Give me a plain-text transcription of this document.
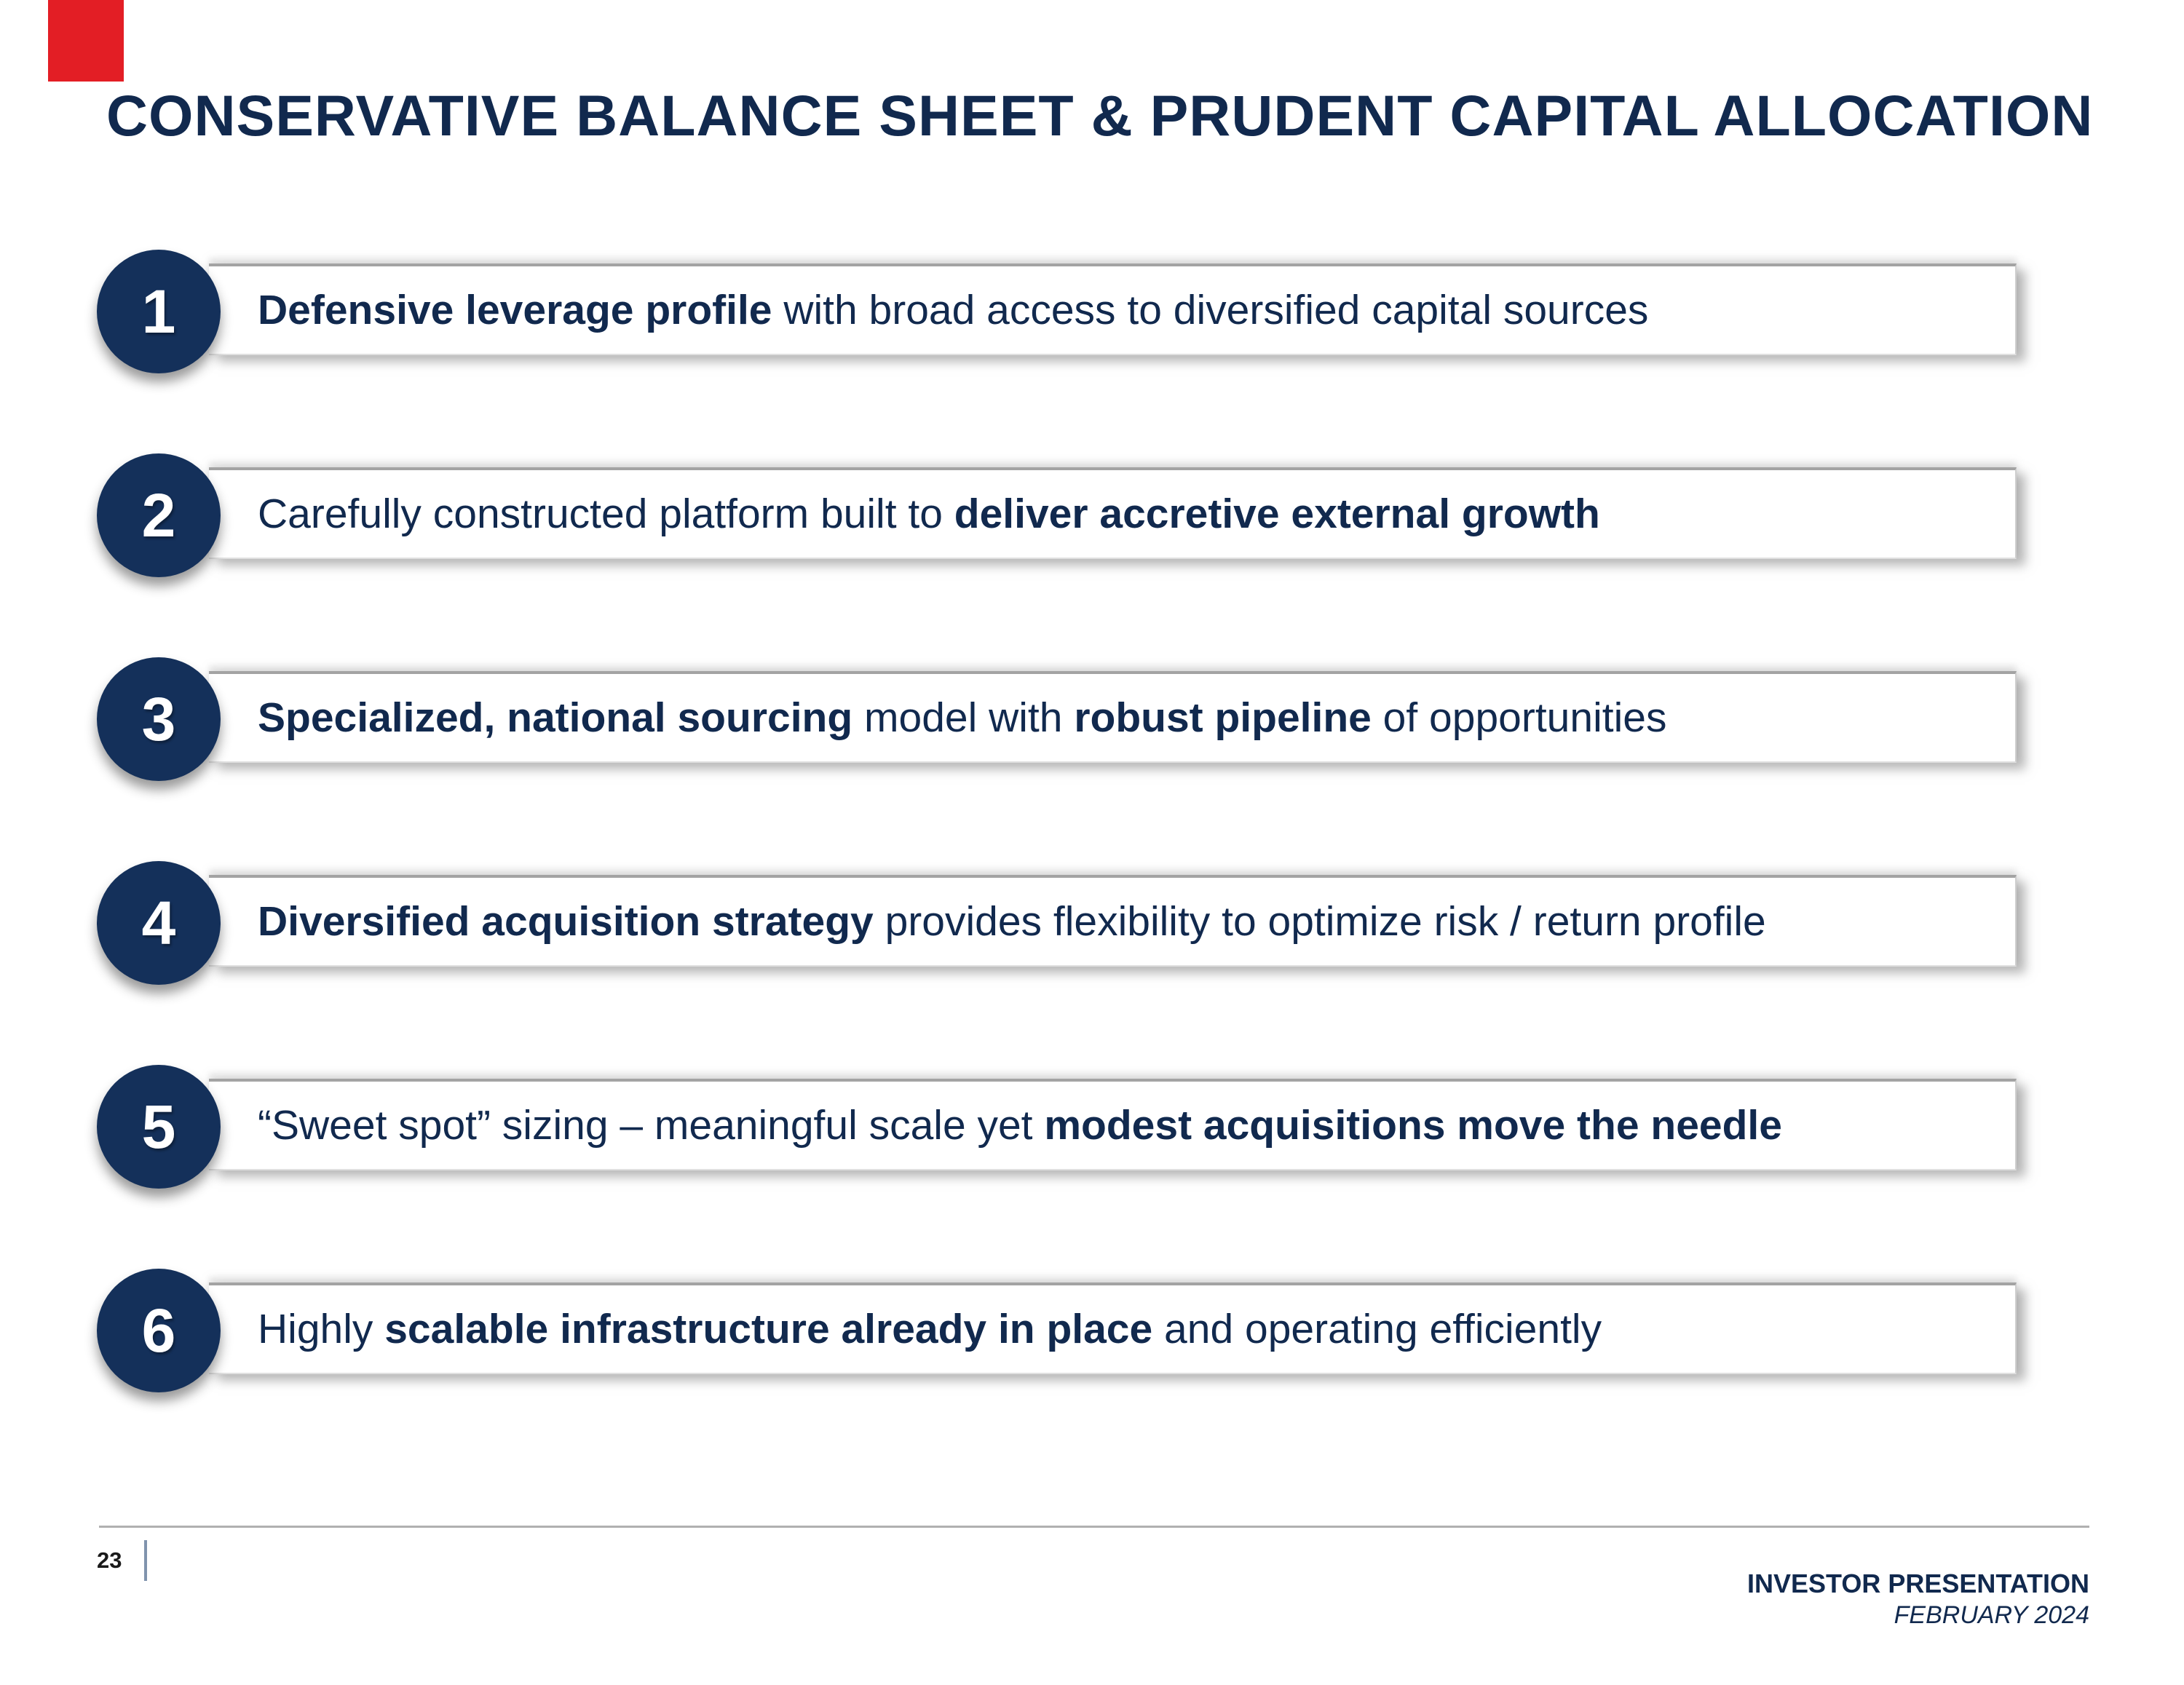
CONSERVATIVE BALANCE SHEET & PRUDENT CAPITAL ALLOCATION
Defensive leverage profile with broad access to diversified capital sources
1
Carefully constructed platform built to deliver accretive external growth
2
Specialized, national sourcing model with robust pipeline of opportunities
3
Diversified acquisition strategy provides flexibility to optimize risk / return profile
4
“Sweet spot” sizing – meaningful scale yet modest acquisitions move the needle
5
Highly scalable infrastructure already in place and operating efficiently
6
23
INVESTOR PRESENTATION
FEBRUARY 2024
